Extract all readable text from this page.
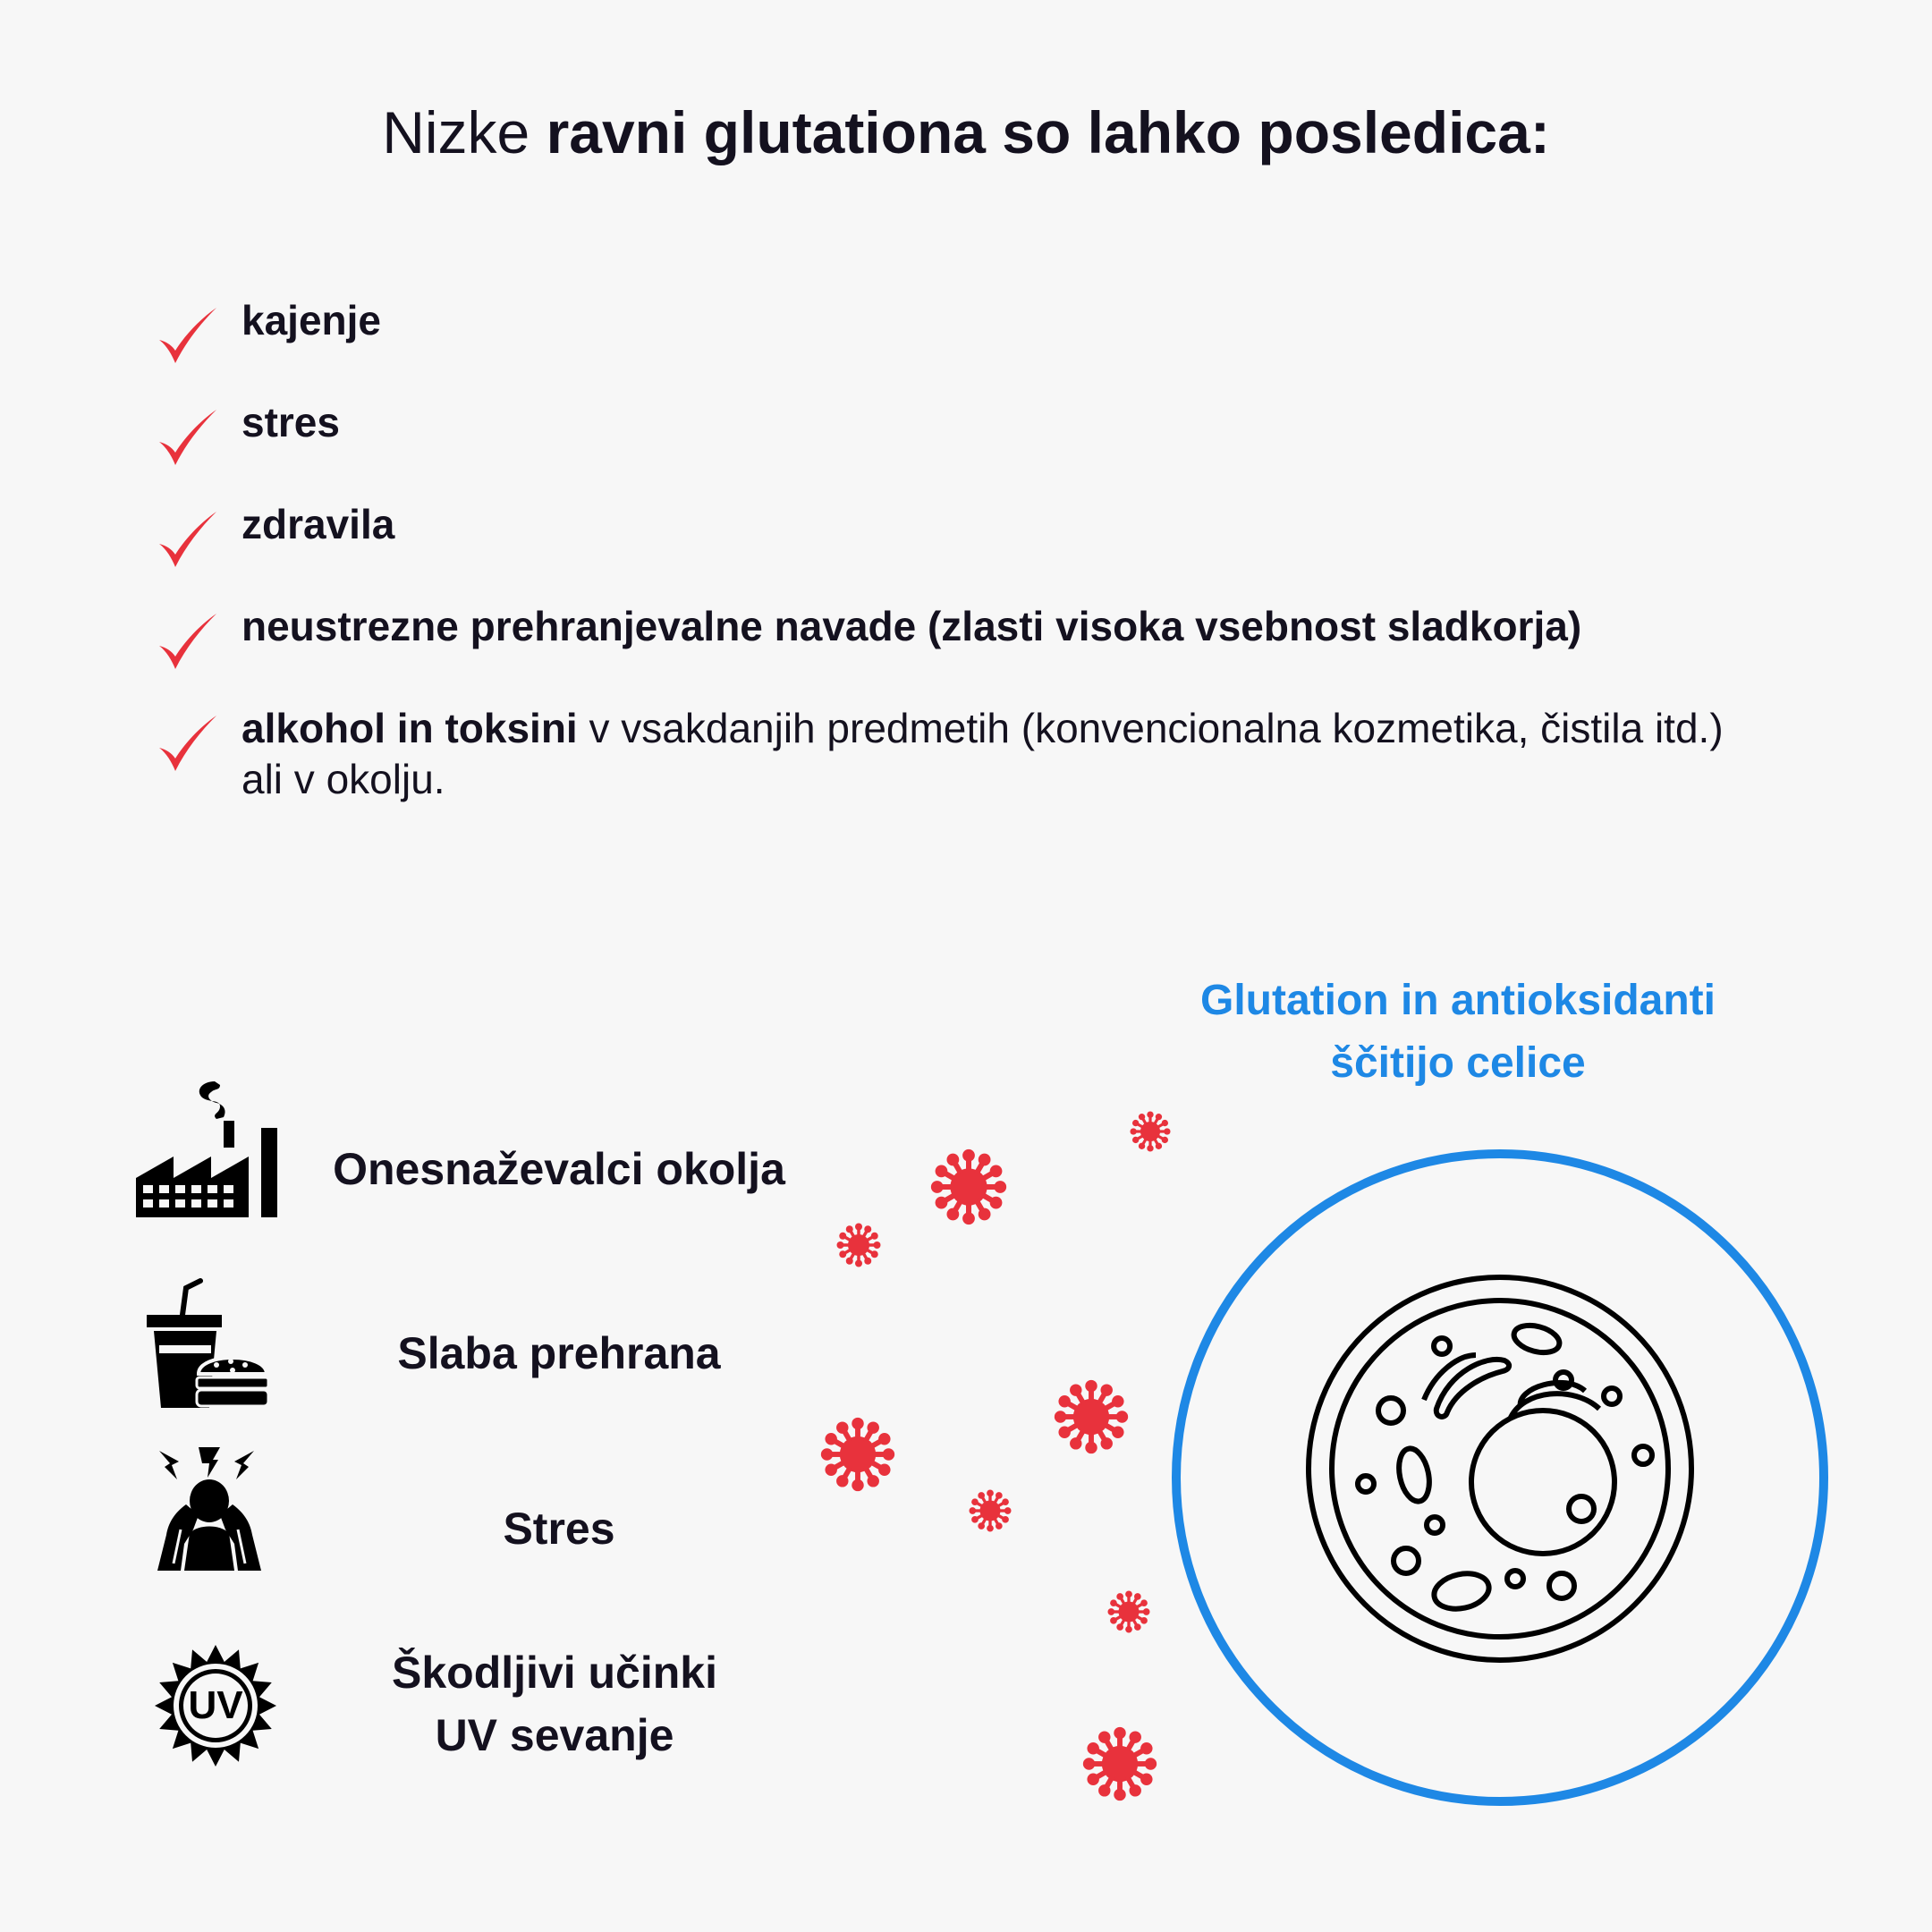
Nizke ravni glutationa so lahko posledica:
kajenje
stres
zdravila
neustrezne prehranjevalne navade (zlasti visoka vsebnost sladkorja)
alkohol in toksini v vsakdanjih predmetih (konvencionalna kozmetika, čistila itd.) ali v okolju.
Onesnaževalci okolja
Slaba prehrana
Stres
UV
Škodljivi učinki
UV sevanje
Glutation in antioksidanti
ščitijo celice
